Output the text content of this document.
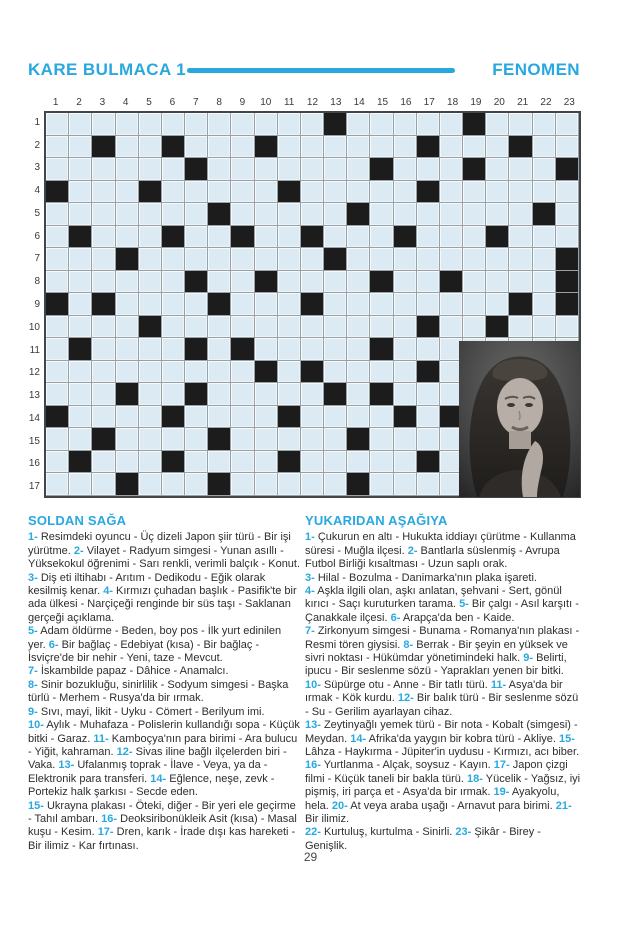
KARE BULMACA 1	FENOMEN
1	2	3	4	5	6	7	8	9	10	11	12	13	14	15	16	17	18	19	20	21	22	23
1
2
3
4
5
6
7
8
9
10
11
12
13
14
15
16
17

SOLDAN SAĞA

1- Resimdeki oyuncu - Üç dizeli Japon şiir türü - Bir işi yürütme. 2- Vilayet - Radyum simgesi - Yunan asıllı - Yüksekokul öğrenimi - Sarı renkli, verimli balçık - Konut. 3- Diş eti iltihabı - Arıtım - Dedikodu - Eğik olarak kesilmiş kenar. 4- Kırmızı çuhadan başlık - Pasifik'te bir ada ülkesi - Narçiçeği renginde bir süs taşı - Saklanan gerçeği açıklama.
5- Adam öldürme - Beden, boy pos - İlk yurt edinilen yer. 6- Bir bağlaç - Edebiyat (kısa) - Bir bağlaç - İsviçre'de bir nehir - Yeni, taze - Mevcut.
7- İskambilde papaz - Dâhice - Anamalcı.
8- Sinir bozukluğu, sinirlilik - Sodyum simgesi - Başka türlü - Merhem - Rusya'da bir ırmak.
9- Sıvı, mayi, likit - Uyku - Cömert - Berilyum imi.
10- Aylık - Muhafaza - Polislerin kullandığı sopa - Küçük bitki - Garaz. 11- Kamboçya'nın para birimi - Ara bulucu - Yiğit, kahraman. 12- Sivas iline bağlı ilçelerden biri - Vaka. 13- Ufalanmış toprak - İlave - Veya, ya da - Elektronik para transferi. 14- Eğlence, neşe, zevk - Portekiz halk şarkısı - Secde eden.
15- Ukrayna plakası - Öteki, diğer - Bir yeri ele geçirme - Tahıl ambarı. 16- Deoksiribonükleik Asit (kısa) - Masal kuşu - Kesim. 17- Dren, karık - İrade dışı kas hareketi - Bir ilimiz - Kar fırtınası.

YUKARIDAN AŞAĞIYA

1- Çukurun en altı - Hukukta iddiayı çürütme - Kullanma süresi - Muğla ilçesi. 2- Bantlarla süslenmiş - Avrupa Futbol Birliği kısaltması - Uzun saplı orak.
3- Hilal - Bozulma - Danimarka'nın plaka işareti.
4- Aşkla ilgili olan, aşkı anlatan, şehvani - Sert, gönül kırıcı - Saçı kuruturken tarama. 5- Bir çalgı - Asıl karşıtı - Çanakkale ilçesi. 6- Arapça'da ben - Kaide.
7- Zirkonyum simgesi - Bunama - Romanya'nın plakası - Resmi tören giysisi. 8- Berrak - Bir şeyin en yüksek ve sivri noktası - Hükümdar yönetimindeki halk. 9- Belirti, ipucu - Bir seslenme sözü - Yaprakları yenen bir bitki. 10- Süpürge otu - Anne - Bir tatlı türü. 11- Asya'da bir ırmak - Kök kurdu. 12- Bir balık türü - Bir seslenme sözü - Su - Gerilim ayarlayan cihaz.
13- Zeytinyağlı yemek türü - Bir nota - Kobalt (simgesi) - Meydan. 14- Afrika'da yaygın bir kobra türü - Akliye. 15- Lâhza - Haykırma - Jüpiter'in uydusu - Kırmızı, acı biber. 16- Yurtlanma - Alçak, soysuz - Kayın. 17- Japon çizgi filmi - Küçük taneli bir bakla türü. 18- Yücelik - Yağsız, iyi pişmiş, iri parça et - Asya'da bir ırmak. 19- Ayakyolu, hela. 20- At veya araba uşağı - Arnavut para birimi. 21- Bir ilimiz.
22- Kurtuluş, kurtulma - Sinirli. 23- Şikâr - Birey - Genişlik.
29
